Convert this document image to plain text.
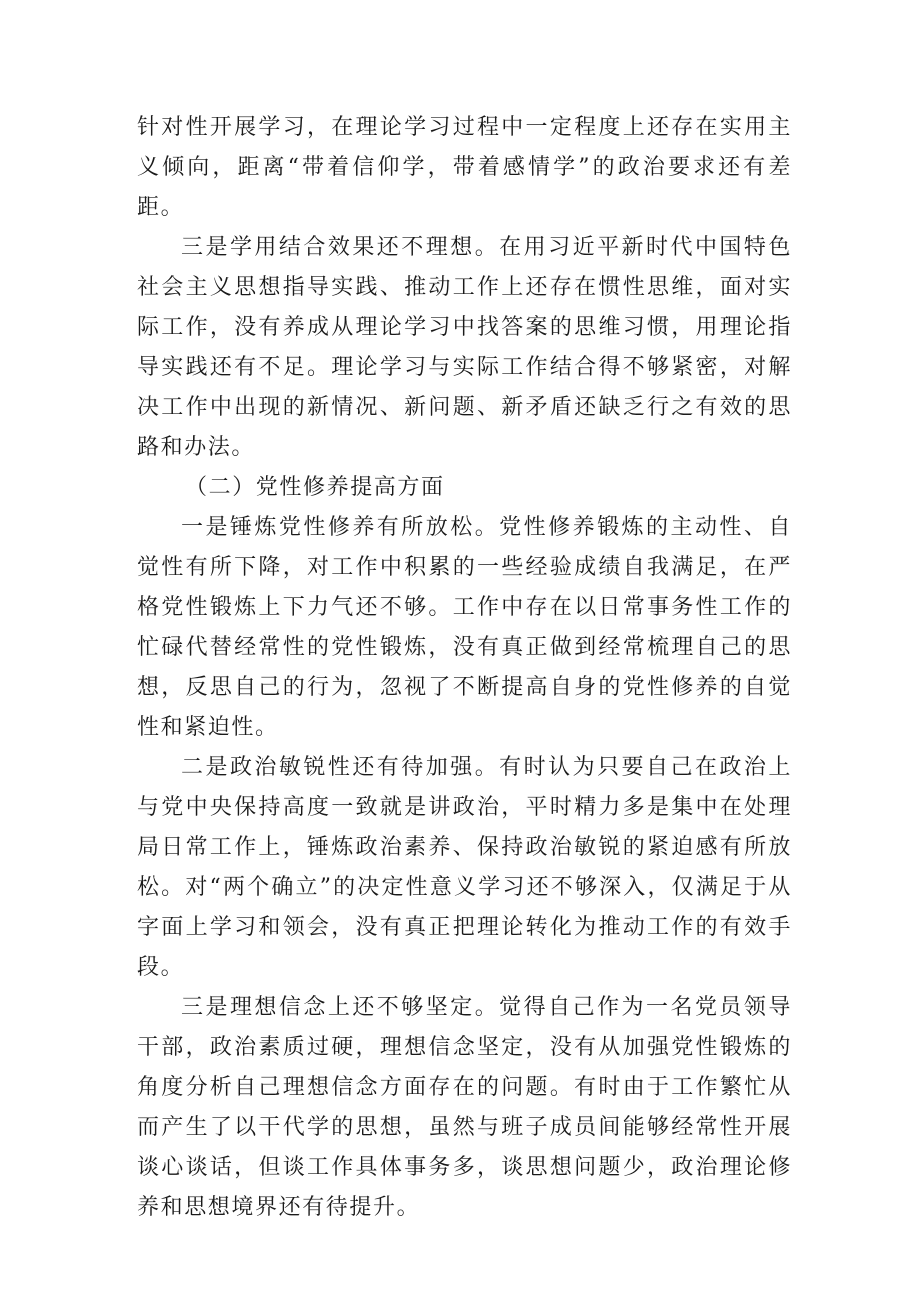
针对性开展学习，在理论学习过程中一定程度上还存在实用主义倾向，距离“带着信仰学，带着感情学”的政治要求还有差距。

三是学用结合效果还不理想。在用习近平新时代中国特色社会主义思想指导实践、推动工作上还存在惯性思维，面对实际工作，没有养成从理论学习中找答案的思维习惯，用理论指导实践还有不足。理论学习与实际工作结合得不够紧密，对解决工作中出现的新情况、新问题、新矛盾还缺乏行之有效的思路和办法。

（二）党性修养提高方面

一是锤炼党性修养有所放松。党性修养锻炼的主动性、自觉性有所下降，对工作中积累的一些经验成绩自我满足，在严格党性锻炼上下力气还不够。工作中存在以日常事务性工作的忙碌代替经常性的党性锻炼，没有真正做到经常梳理自己的思想，反思自己的行为，忽视了不断提高自身的党性修养的自觉性和紧迫性。

二是政治敏锐性还有待加强。有时认为只要自己在政治上与党中央保持高度一致就是讲政治，平时精力多是集中在处理局日常工作上，锤炼政治素养、保持政治敏锐的紧迫感有所放松。对“两个确立”的决定性意义学习还不够深入，仅满足于从字面上学习和领会，没有真正把理论转化为推动工作的有效手段。

三是理想信念上还不够坚定。觉得自己作为一名党员领导干部，政治素质过硬，理想信念坚定，没有从加强党性锻炼的角度分析自己理想信念方面存在的问题。有时由于工作繁忙从而产生了以干代学的思想，虽然与班子成员间能够经常性开展谈心谈话，但谈工作具体事务多，谈思想问题少，政治理论修养和思想境界还有待提升。
